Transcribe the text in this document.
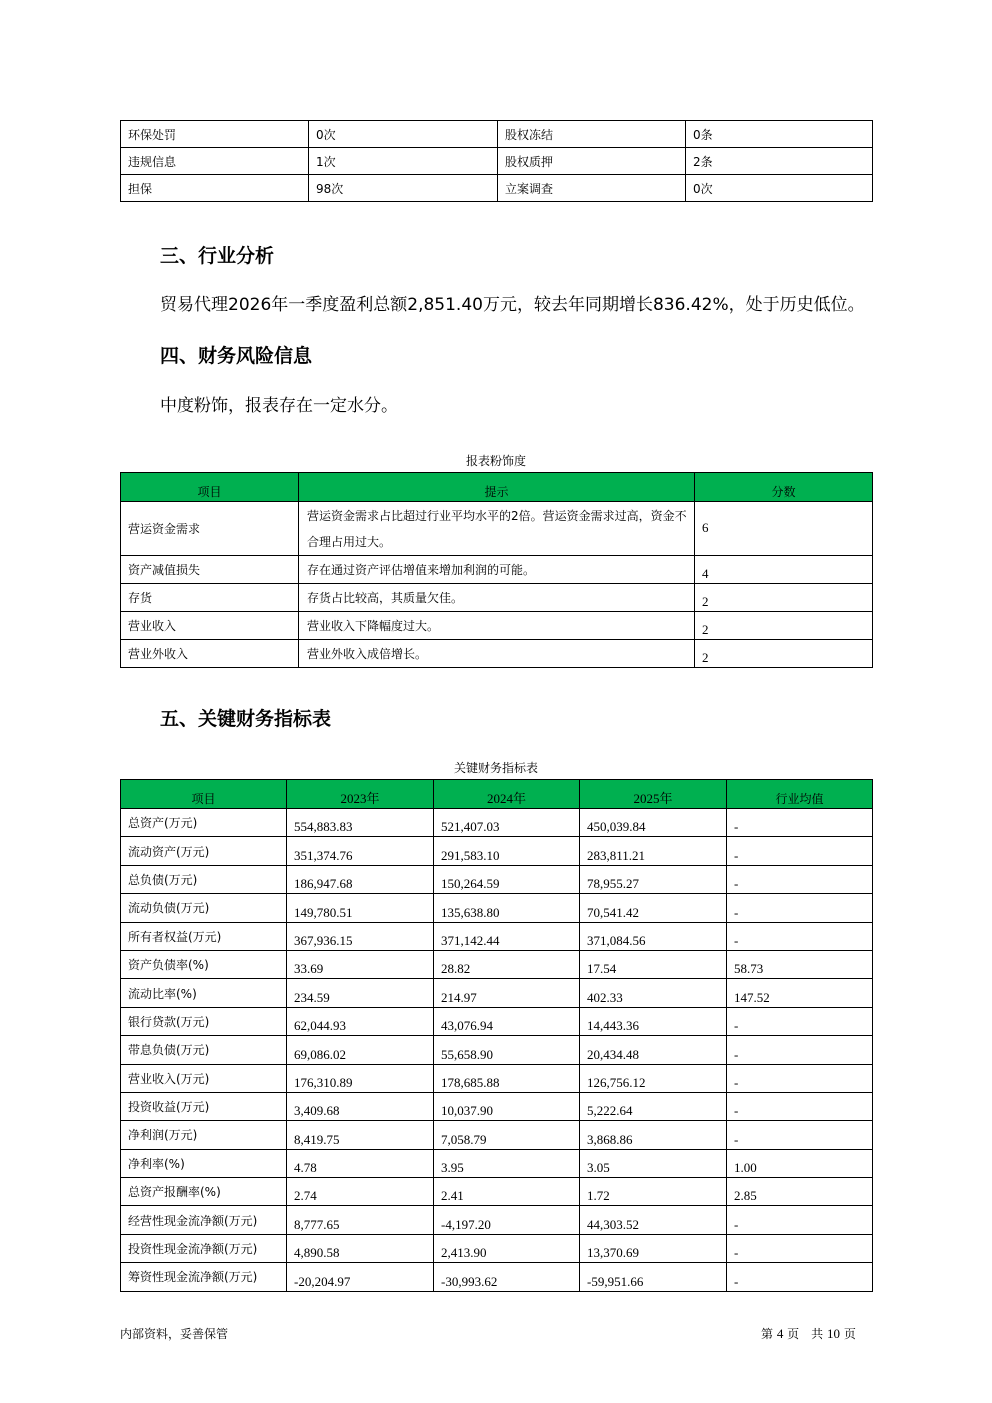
环保处罚	0次	股权冻结	0条
违规信息	1次	股权质押	2条
担保	98次	立案调查	0次
三、行业分析

贸易代理2026年一季度盈利总额2,851.40万元，较去年同期增长836.42%，处于历史低位。

四、财务风险信息

中度粉饰，报表存在一定水分。

报表粉饰度

项目	提示	分数
营运资金需求	营运资金需求占比超过行业平均水平的2倍。营运资金需求过高，资金不合理占用过大。	6
资产减值损失	存在通过资产评估增值来增加利润的可能。	4
存货	存货占比较高，其质量欠佳。	2
营业收入	营业收入下降幅度过大。	2
营业外收入	营业外收入成倍增长。	2
五、关键财务指标表

关键财务指标表

项目	2023年	2024年	2025年	行业均值
总资产(万元)	554,883.83	521,407.03	450,039.84	-
流动资产(万元)	351,374.76	291,583.10	283,811.21	-
总负债(万元)	186,947.68	150,264.59	78,955.27	-
流动负债(万元)	149,780.51	135,638.80	70,541.42	-
所有者权益(万元)	367,936.15	371,142.44	371,084.56	-
资产负债率(%)	33.69	28.82	17.54	58.73
流动比率(%)	234.59	214.97	402.33	147.52
银行贷款(万元)	62,044.93	43,076.94	14,443.36	-
带息负债(万元)	69,086.02	55,658.90	20,434.48	-
营业收入(万元)	176,310.89	178,685.88	126,756.12	-
投资收益(万元)	3,409.68	10,037.90	5,222.64	-
净利润(万元)	8,419.75	7,058.79	3,868.86	-
净利率(%)	4.78	3.95	3.05	1.00
总资产报酬率(%)	2.74	2.41	1.72	2.85
经营性现金流净额(万元)	8,777.65	-4,197.20	44,303.52	-
投资性现金流净额(万元)	4,890.58	2,413.90	13,370.69	-
筹资性现金流净额(万元)	-20,204.97	-30,993.62	-59,951.66	-
内部资料，妥善保管	第 4 页　共 10 页
